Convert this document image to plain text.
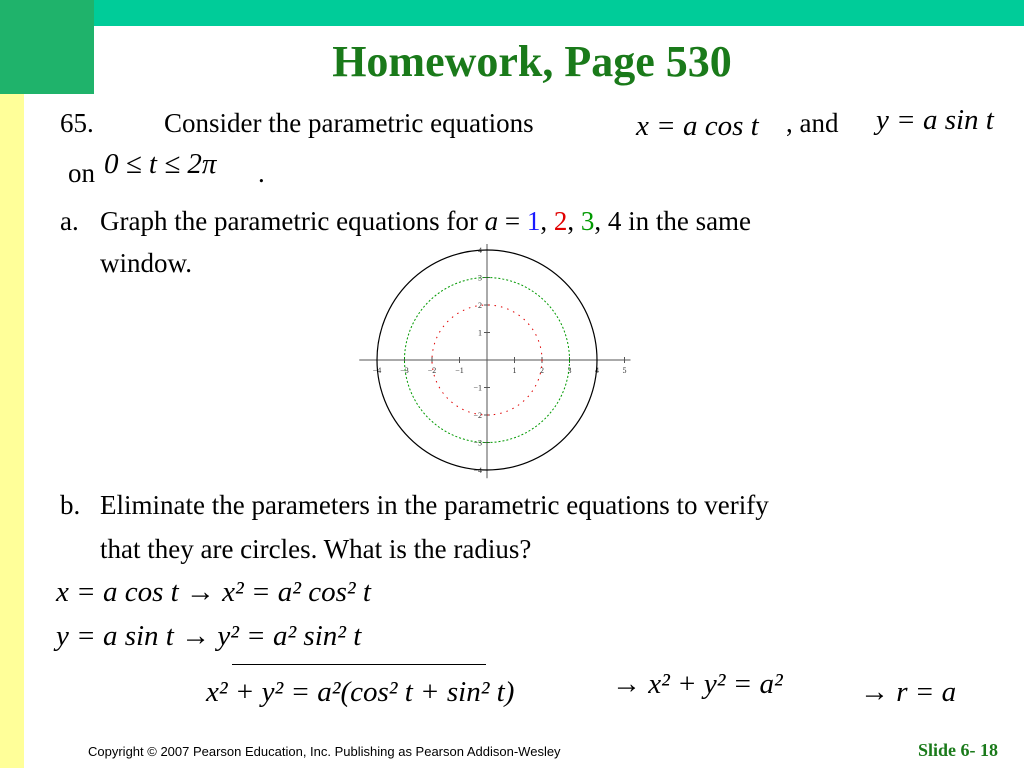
Homework, Page 530
65.	Consider the parametric equations	x = a cos t , and y = a sin t
on 0 ≤ t ≤ 2π .
a. Graph the parametric equations for a = 1, 2, 3, 4 in the same
window.
−4 −3 −2 −1	1	2	3	4	5
4
3
2
1
−1
−2
−3
−4
b. Eliminate the parameters in the parametric equations to verify
that they are circles. What is the radius?
x = a cos t → x² = a² cos² t
y = a sin t → y² = a² sin² t
x² + y² = a²(cos² t + sin² t)	→ x² + y² = a²	→ r = a
Copyright © 2007 Pearson Education, Inc. Publishing as Pearson Addison-Wesley	Slide 6- 18
